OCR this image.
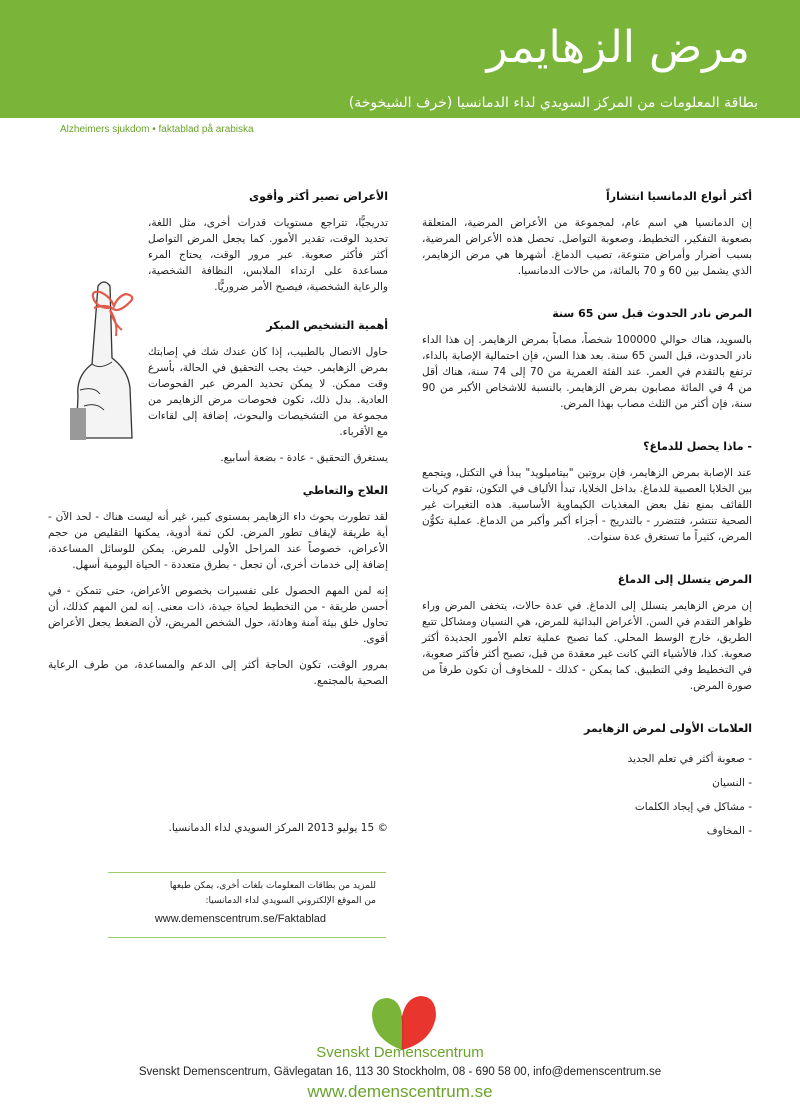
مرض الزهايمر
بطاقة المعلومات من المركز السويدي لداء الدمانسيا (خرف الشيخوخة)
Alzheimers sjukdom • faktablad på arabiska
أكثر أنواع الدمانسيا انتشاراً
إن الدمانسيا هي اسم عام، لمجموعة من الأعراض المرضية، المتعلقة بصعوبة التفكير، التخطيط، وصعوبة التواصل. تحصل هذه الأعراض المرضية، بسبب أضرار وأمراض متنوعة، تصيب الدماغ. أشهرها هي مرض الزهايمر، الذي يشمل بين 60 و 70 بالمائة، من حالات الدمانسيا.
المرض نادر الحدوث قبل سن 65 سنة
بالسويد، هناك حوالي 100000 شخصاً، مصاباً بمرض الزهايمر. إن هذا الداء نادر الحدوث، قبل السن 65 سنة. بعد هذا السن، فإن احتمالية الإصابة بالداء، ترتفع بالتقدم في العمر. عند الفئة العمرية من 70 إلى 74 سنة، هناك أقل من 4 في المائة مصابون بمرض الزهايمر. بالنسبة للاشخاص الأكبر من 90 سنة، فإن أكثر من الثلث مصاب بهذا المرض.
- ماذا يحصل للدماغ؟
عند الإصابة بمرض الزهايمر، فإن بروتين "بيتاميلويد" يبدأ في التكتل، ويتجمع بين الخلايا العصبية للدماغ. بداخل الخلايا، تبدأ الألياف في التكون، تقوم كريات اللفائف بمنع نقل بعض المغذيات الكيماوية الأساسية. هذه التغيرات غير الصحية تنتشر، فتتضرر - بالتدريج - أجزاء أكبر وأكبر من الدماغ. عملية تكوُّن المرض، كثيراً ما تستغرق عدة سنوات.
المرض يتسلل إلى الدماغ
إن مرض الزهايمر يتسلل إلى الدماغ. في عدة حالات، يتخفى المرض وراء ظواهر التقدم في السن. الأعراض البدائية للمرض، هي النسيان ومشاكل تتبع الطريق، خارج الوسط المحلي. كما تصبح عملية تعلم الأمور الجديدة أكثر صعوبة. كذا، فالأشياء التي كانت غير معقدة من قبل، تصبح أكثر فأكثر صعوبة، في التخطيط وفي التطبيق. كما يمكن - كذلك - للمخاوف أن تكون طرفاً من صورة المرض.
العلامات الأولى لمرض الزهايمر
- صعوبة أكثر في تعلم الجديد
- النسيان
- مشاكل في إيجاد الكلمات
- المخاوف
الأعراض تصير أكثر وأقوى
تدريجيًّا، تتراجع مستويات قدرات أخرى، مثل اللغة، تحديد الوقت، تقدير الأمور. كما يجعل المرض التواصل أكثر فأكثر صعوبة. عبر مرور الوقت، يحتاج المرء مساعدة على ارتداء الملابس، النظافة الشخصية، والرعاية الشخصية، فيصبح الأمر ضروريًّا.
أهمية التشخيص المبكر

حاول الاتصال بالطبيب، إذا كان عندك شك في إصابتك بمرض الزهايمر. حيث يجب التحقيق في الحالة، بأسرع وقت ممكن. لا يمكن تحديد المرض عبر الفحوصات العادية. بدل ذلك، تكون فحوصات مرض الزهايمر من مجموعة من التشخيصات والبحوث، إضافة إلى لقاءات مع الأقرباء.

يستغرق التحقيق - عادة - بضعة أسابيع.

العلاج والتعاطي

لقد تطورت بحوث داء الزهايمر بمستوى كبير، غير أنه ليست هناك - لحد الآن - أية طريقة لإيقاف تطور المرض. لكن ثمة أدوية، يمكنها التقليص من حجم الأعراض، خصوصاً عند المراحل الأولى للمرض. يمكن للوسائل المساعدة، إضافة إلى خدمات أخرى، أن تجعل - بطرق متعددة - الحياة اليومية أسهل.

إنه لمن المهم الحصول على تفسيرات بخصوص الأعراض، حتى تتمكن - في أحسن طريقة - من التخطيط لحياة جيدة، ذات معنى. إنه لمن المهم كذلك، أن تحاول خلق بيئة آمنة وهادئة، حول الشخص المريض، لأن الضغط يجعل الأعراض أقوى.

بمرور الوقت، تكون الحاجة أكثر إلى الدعم والمساعدة، من طرف الرعاية الصحية بالمجتمع.

© 15 يوليو 2013 المركز السويدي لداء الدمانسيا.
للمزيد من بطاقات المعلومات بلغات أخرى، يمكن طبعها
من الموقع الإلكتروني السويدي لداء الدمانسيا:
www.demenscentrum.se/Faktablad
Svenskt Demenscentrum
Svenskt Demenscentrum, Gävlegatan 16, 113 30 Stockholm, 08 - 690 58 00, info@demenscentrum.se
www.demenscentrum.se
